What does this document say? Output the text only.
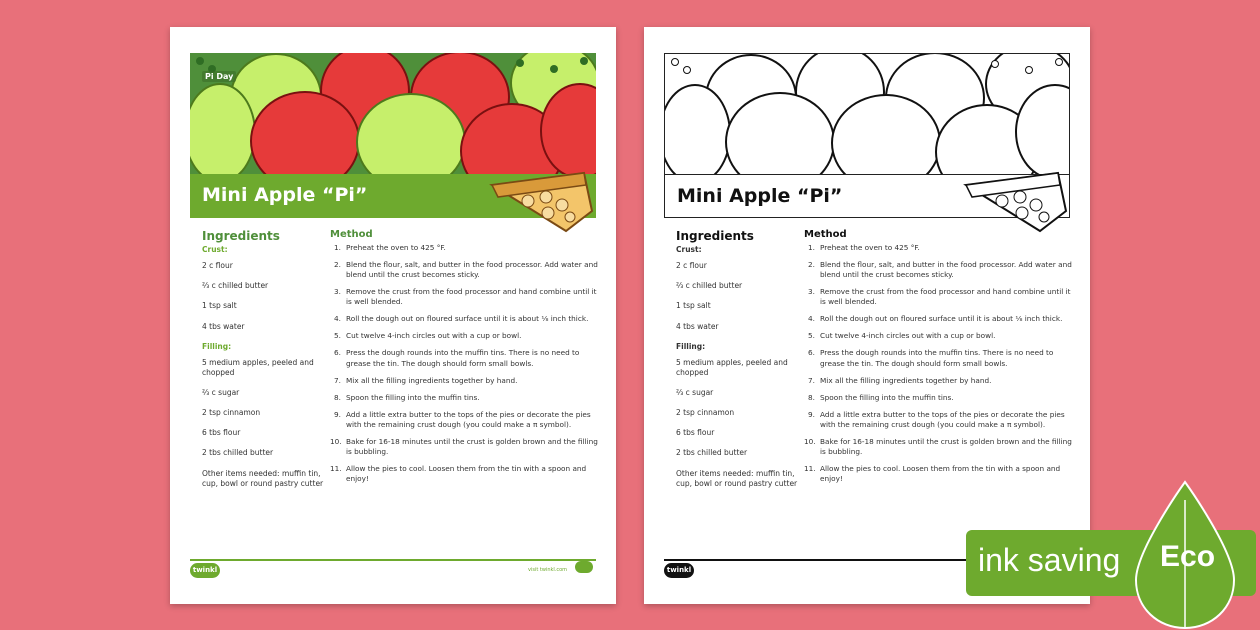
Pi Day
Mini Apple “Pi”
Ingredients
Crust:
2 c flour
⅔ c chilled butter
1 tsp salt
4 tbs water
Filling:
5 medium apples, peeled and chopped
⅔ c sugar
2 tsp cinnamon
6 tbs flour
2 tbs chilled butter
Other items needed: muffin tin, cup, bowl or round pastry cutter
Method
1. Preheat the oven to 425 °F.
2. Blend the flour, salt, and butter in the food processor. Add water and blend until the crust becomes sticky.
3. Remove the crust from the food processor and hand combine until it is well blended.
4. Roll the dough out on floured surface until it is about ⅛ inch thick.
5. Cut twelve 4-inch circles out with a cup or bowl.
6. Press the dough rounds into the muffin tins. There is no need to grease the tin. The dough should form small bowls.
7. Mix all the filling ingredients together by hand.
8. Spoon the filling into the muffin tins.
9. Add a little extra butter to the tops of the pies or decorate the pies with the remaining crust dough (you could make a π symbol).
10. Bake for 16-18 minutes until the crust is golden brown and the filling is bubbling.
11. Allow the pies to cool. Loosen them from the tin with a spoon and enjoy!
twinkl	visit twinkl.com
Mini Apple “Pi”
Ingredients
Crust:
2 c flour
⅔ c chilled butter
1 tsp salt
4 tbs water
Filling:
5 medium apples, peeled and chopped
⅔ c sugar
2 tsp cinnamon
6 tbs flour
2 tbs chilled butter
Other items needed: muffin tin, cup, bowl or round pastry cutter
Method
1. Preheat the oven to 425 °F.
2. Blend the flour, salt, and butter in the food processor. Add water and blend until the crust becomes sticky.
3. Remove the crust from the food processor and hand combine until it is well blended.
4. Roll the dough out on floured surface until it is about ⅛ inch thick.
5. Cut twelve 4-inch circles out with a cup or bowl.
6. Press the dough rounds into the muffin tins. There is no need to grease the tin. The dough should form small bowls.
7. Mix all the filling ingredients together by hand.
8. Spoon the filling into the muffin tins.
9. Add a little extra butter to the tops of the pies or decorate the pies with the remaining crust dough (you could make a π symbol).
10. Bake for 16-18 minutes until the crust is golden brown and the filling is bubbling.
11. Allow the pies to cool. Loosen them from the tin with a spoon and enjoy!
twinkl	ink saving Eco
